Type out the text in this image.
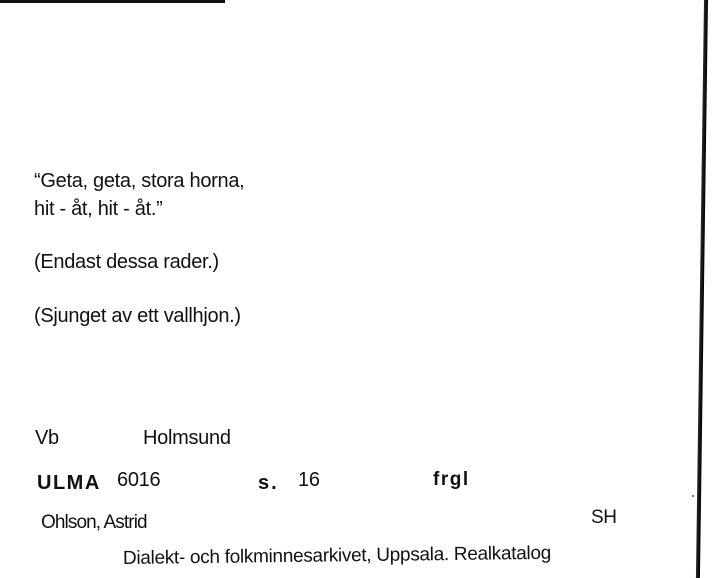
“Geta, geta, stora horna,
hit - åt, hit - åt.”
(Endast dessa rader.)
(Sjunget av ett vallhjon.)
Vb	Holmsund
ULMA 6016	s. 16	frgl
Ohlson, Astrid	SH
Dialekt- och folkminnesarkivet, Uppsala. Realkatalog
